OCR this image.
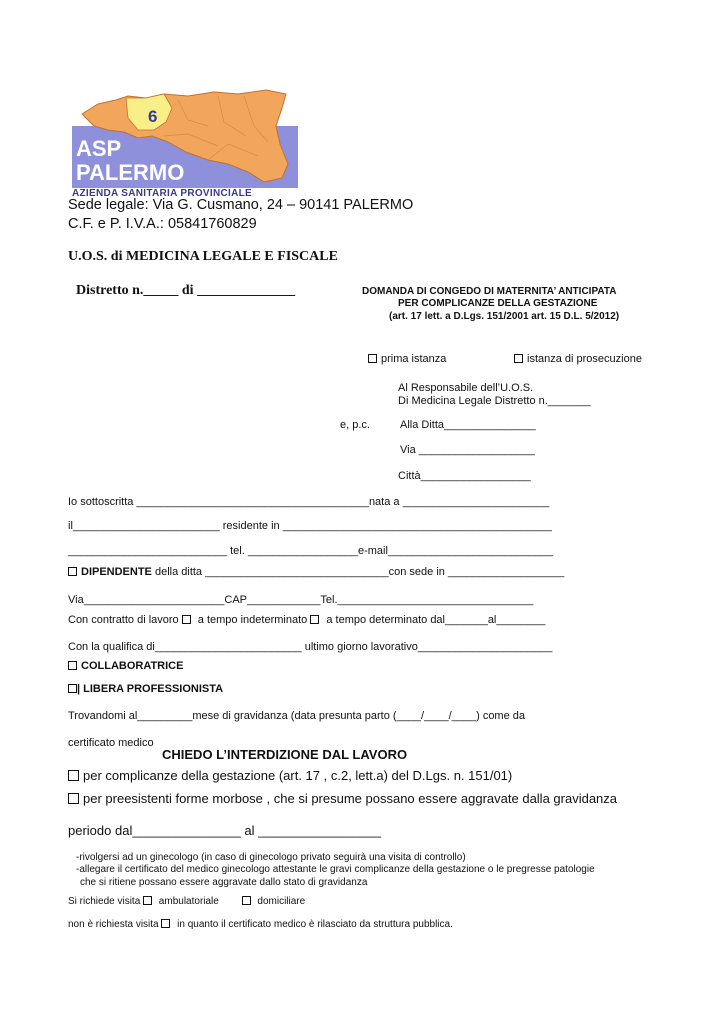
6
ASP
PALERMO
AZIENDA SANITARIA PROVINCIALE
Sede legale: Via G. Cusmano, 24 – 90141 PALERMO
C.F. e P. I.V.A.: 05841760829
U.O.S. di MEDICINA LEGALE E FISCALE
Distretto n._____ di ______________	DOMANDA DI CONGEDO DI MATERNITA’ ANTICIPATA
PER COMPLICANZE DELLA GESTAZIONE
(art. 17 lett. a D.Lgs. 151/2001 art. 15 D.L. 5/2012)
prima istanza	istanza di prosecuzione
Al Responsabile dell’U.O.S.
Di Medicina Legale Distretto n._______
e, p.c.	Alla Ditta_______________
Via ___________________
Città__________________
Io sottoscritta ______________________________________nata a ________________________
il________________________ residente in ____________________________________________
__________________________ tel. __________________e-mail___________________________
DIPENDENTE della ditta ______________________________con sede in ___________________
Via_______________________CAP____________Tel.________________________________
Con contratto di lavoro  a tempo indeterminato  a tempo determinato dal_______al________
Con la qualifica di________________________ ultimo giorno lavorativo______________________
COLLABORATRICE
| LIBERA PROFESSIONISTA
Trovandomi al_________mese di gravidanza (data presunta parto (____/____/____) come da
certificato medico
CHIEDO L’INTERDIZIONE DAL LAVORO
per complicanze della gestazione (art. 17 , c.2, lett.a) del D.Lgs. n. 151/01)
per preesistenti forme morbose , che si presume possano essere aggravate dalla gravidanza
periodo dal_______________ al _________________
-rivolgersi ad un ginecologo (in caso di ginecologo privato seguirà una visita di controllo)
-allegare il certificato del medico ginecologo attestante le gravi complicanze della gestazione o le pregresse patologie
che si ritiene possano essere aggravate dallo stato di gravidanza
Si richiede visita  ambulatoriale	domiciliare
non è richiesta visita  in quanto il certificato medico è rilasciato da struttura pubblica.
